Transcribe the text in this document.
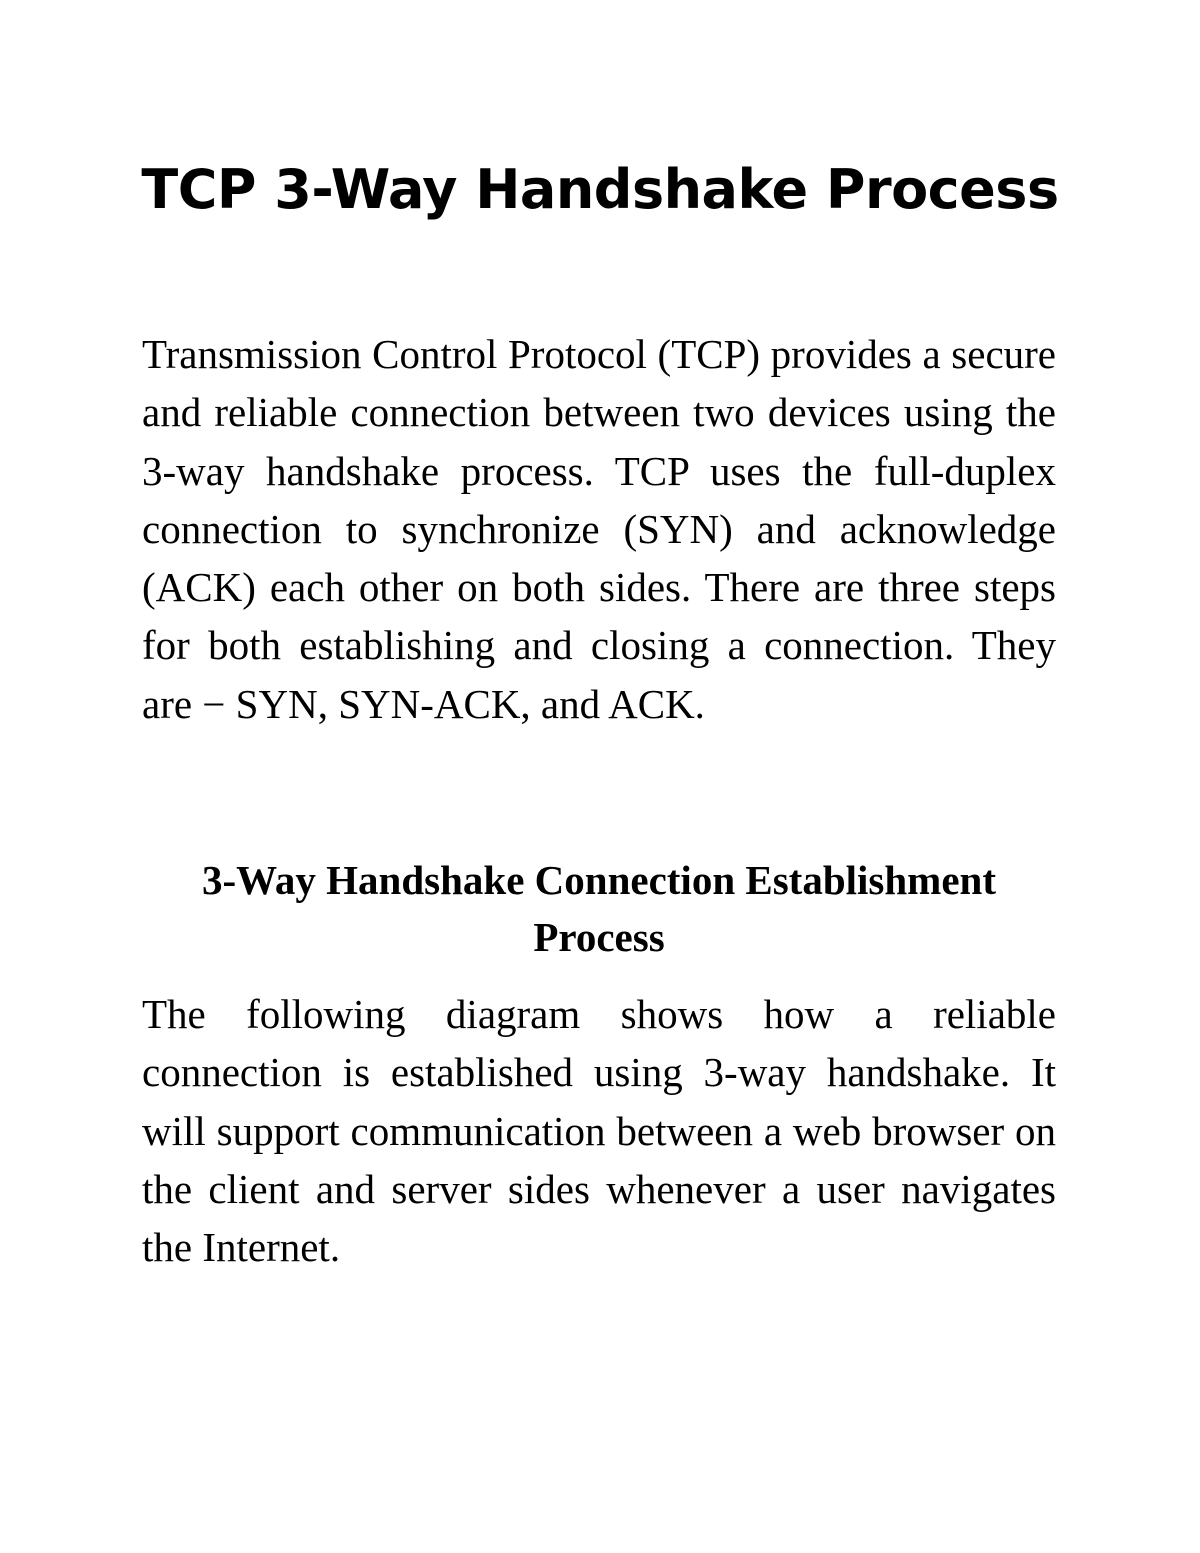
TCP 3-Way Handshake Process

Transmission Control Protocol (TCP) provides a secure and reliable connection between two devices using the 3-way handshake process. TCP uses the full-duplex connection to synchronize (SYN) and acknowledge (ACK) each other on both sides. There are three steps for both establishing and closing a connection. They are − SYN, SYN-ACK, and ACK.

3-Way Handshake Connection Establishment Process

The following diagram shows how a reliable connection is established using 3-way handshake. It will support communication between a web browser on the client and server sides whenever a user navigates the Internet.
